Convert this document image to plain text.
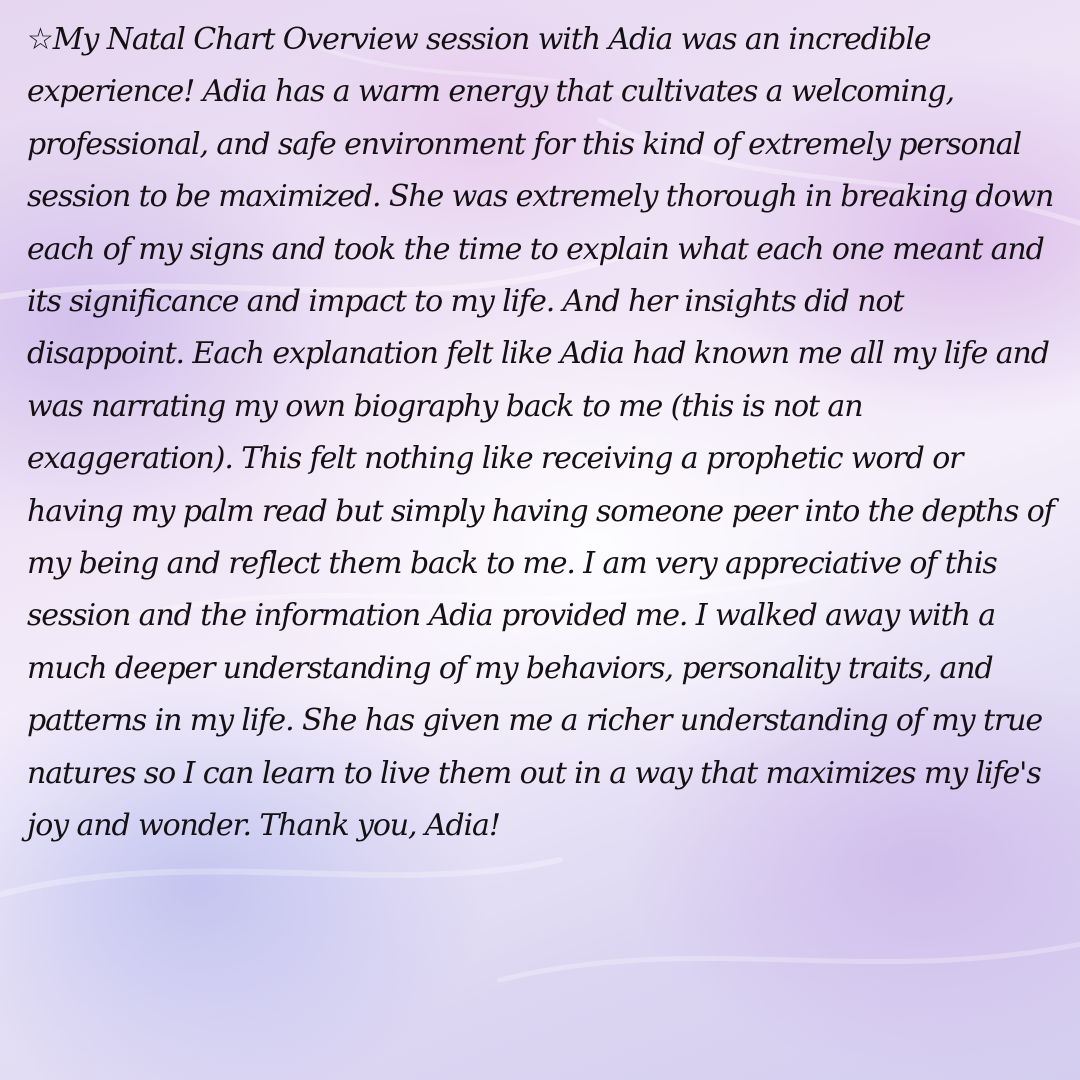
☆My Natal Chart Overview session with Adia was an incredible experience! Adia has a warm energy that cultivates a welcoming, professional, and safe environment for this kind of extremely personal session to be maximized. She was extremely thorough in breaking down each of my signs and took the time to explain what each one meant and its significance and impact to my life. And her insights did not disappoint. Each explanation felt like Adia had known me all my life and was narrating my own biography back to me (this is not an exaggeration). This felt nothing like receiving a prophetic word or having my palm read but simply having someone peer into the depths of my being and reflect them back to me. I am very appreciative of this session and the information Adia provided me. I walked away with a much deeper understanding of my behaviors, personality traits, and patterns in my life. She has given me a richer understanding of my true natures so I can learn to live them out in a way that maximizes my life's joy and wonder. Thank you, Adia!
